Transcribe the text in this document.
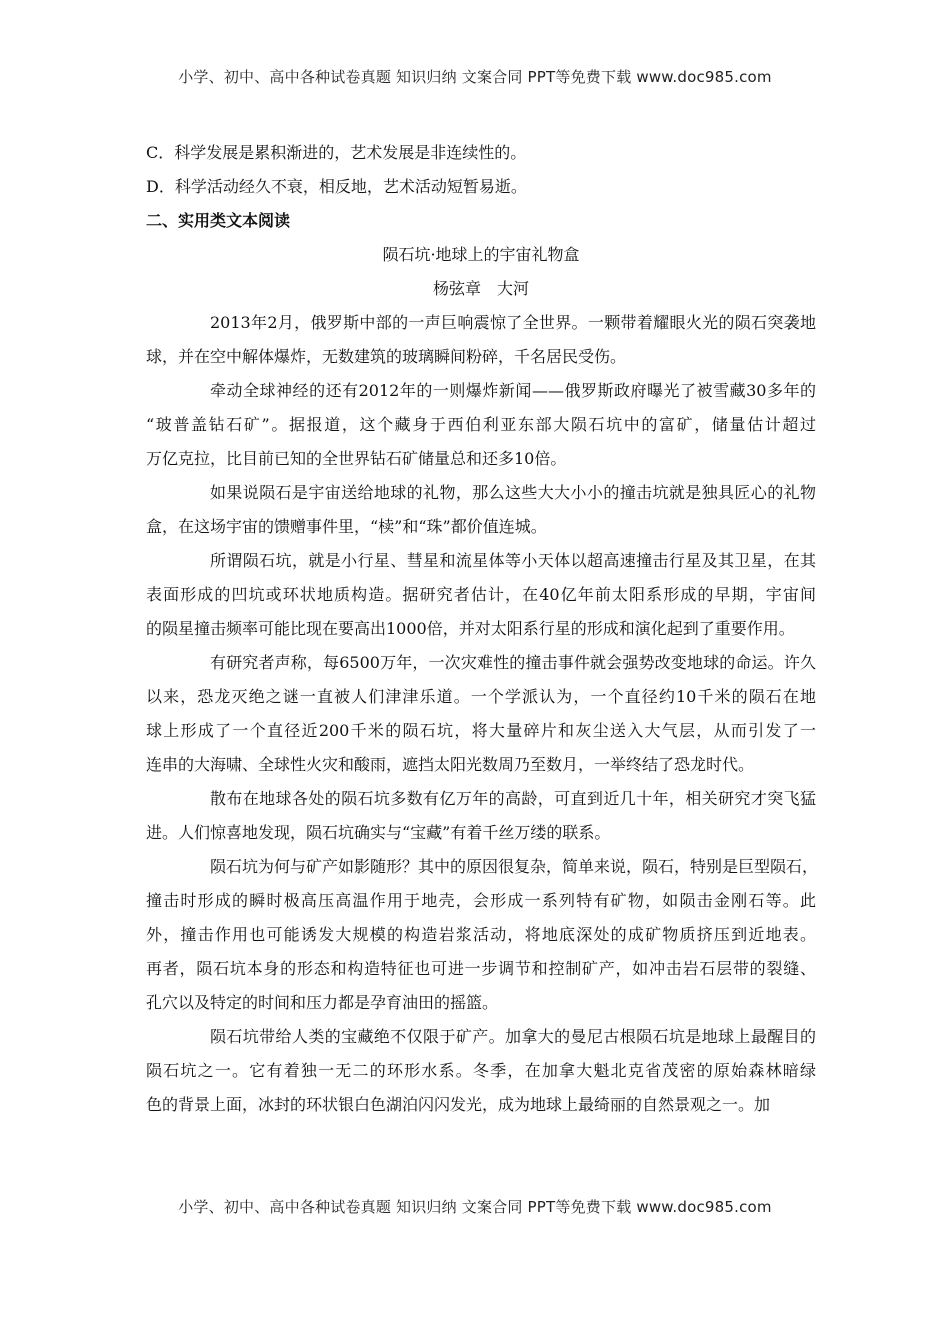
小学、初中、高中各种试卷真题 知识归纳 文案合同 PPT等免费下载 www.doc985.com
C．科学发展是累积渐进的，艺术发展是非连续性的。
D．科学活动经久不衰，相反地，艺术活动短暂易逝。
二、实用类文本阅读
陨石坑·地球上的宇宙礼物盒
杨弦章　大河
2013年2月，俄罗斯中部的一声巨响震惊了全世界。一颗带着耀眼火光的陨石突袭地
球，并在空中解体爆炸，无数建筑的玻璃瞬间粉碎，千名居民受伤。
牵动全球神经的还有2012年的一则爆炸新闻——俄罗斯政府曝光了被雪藏30多年的
“玻普盖钻石矿”。据报道，这个藏身于西伯利亚东部大陨石坑中的富矿，储量估计超过
万亿克拉，比目前已知的全世界钻石矿储量总和还多10倍。
如果说陨石是宇宙送给地球的礼物，那么这些大大小小的撞击坑就是独具匠心的礼物
盒，在这场宇宙的馈赠事件里，“椟”和“珠”都价值连城。
所谓陨石坑，就是小行星、彗星和流星体等小天体以超高速撞击行星及其卫星，在其
表面形成的凹坑或环状地质构造。据研究者估计，在40亿年前太阳系形成的早期，宇宙间
的陨星撞击频率可能比现在要高出1000倍，并对太阳系行星的形成和演化起到了重要作用。
有研究者声称，每6500万年，一次灾难性的撞击事件就会强势改变地球的命运。许久
以来，恐龙灭绝之谜一直被人们津津乐道。一个学派认为，一个直径约10千米的陨石在地
球上形成了一个直径近200千米的陨石坑，将大量碎片和灰尘送入大气层，从而引发了一
连串的大海啸、全球性火灾和酸雨，遮挡太阳光数周乃至数月，一举终结了恐龙时代。
散布在地球各处的陨石坑多数有亿万年的高龄，可直到近几十年，相关研究才突飞猛
进。人们惊喜地发现，陨石坑确实与“宝藏”有着千丝万缕的联系。
陨石坑为何与矿产如影随形？其中的原因很复杂，简单来说，陨石，特别是巨型陨石，
撞击时形成的瞬时极高压高温作用于地壳，会形成一系列特有矿物，如陨击金刚石等。此
外，撞击作用也可能诱发大规模的构造岩浆活动，将地底深处的成矿物质挤压到近地表。
再者，陨石坑本身的形态和构造特征也可进一步调节和控制矿产，如冲击岩石层带的裂缝、
孔穴以及特定的时间和压力都是孕育油田的摇篮。
陨石坑带给人类的宝藏绝不仅限于矿产。加拿大的曼尼古根陨石坑是地球上最醒目的
陨石坑之一。它有着独一无二的环形水系。冬季，在加拿大魁北克省茂密的原始森林暗绿
色的背景上面，冰封的环状银白色湖泊闪闪发光，成为地球上最绮丽的自然景观之一。加
小学、初中、高中各种试卷真题 知识归纳 文案合同 PPT等免费下载 www.doc985.com
